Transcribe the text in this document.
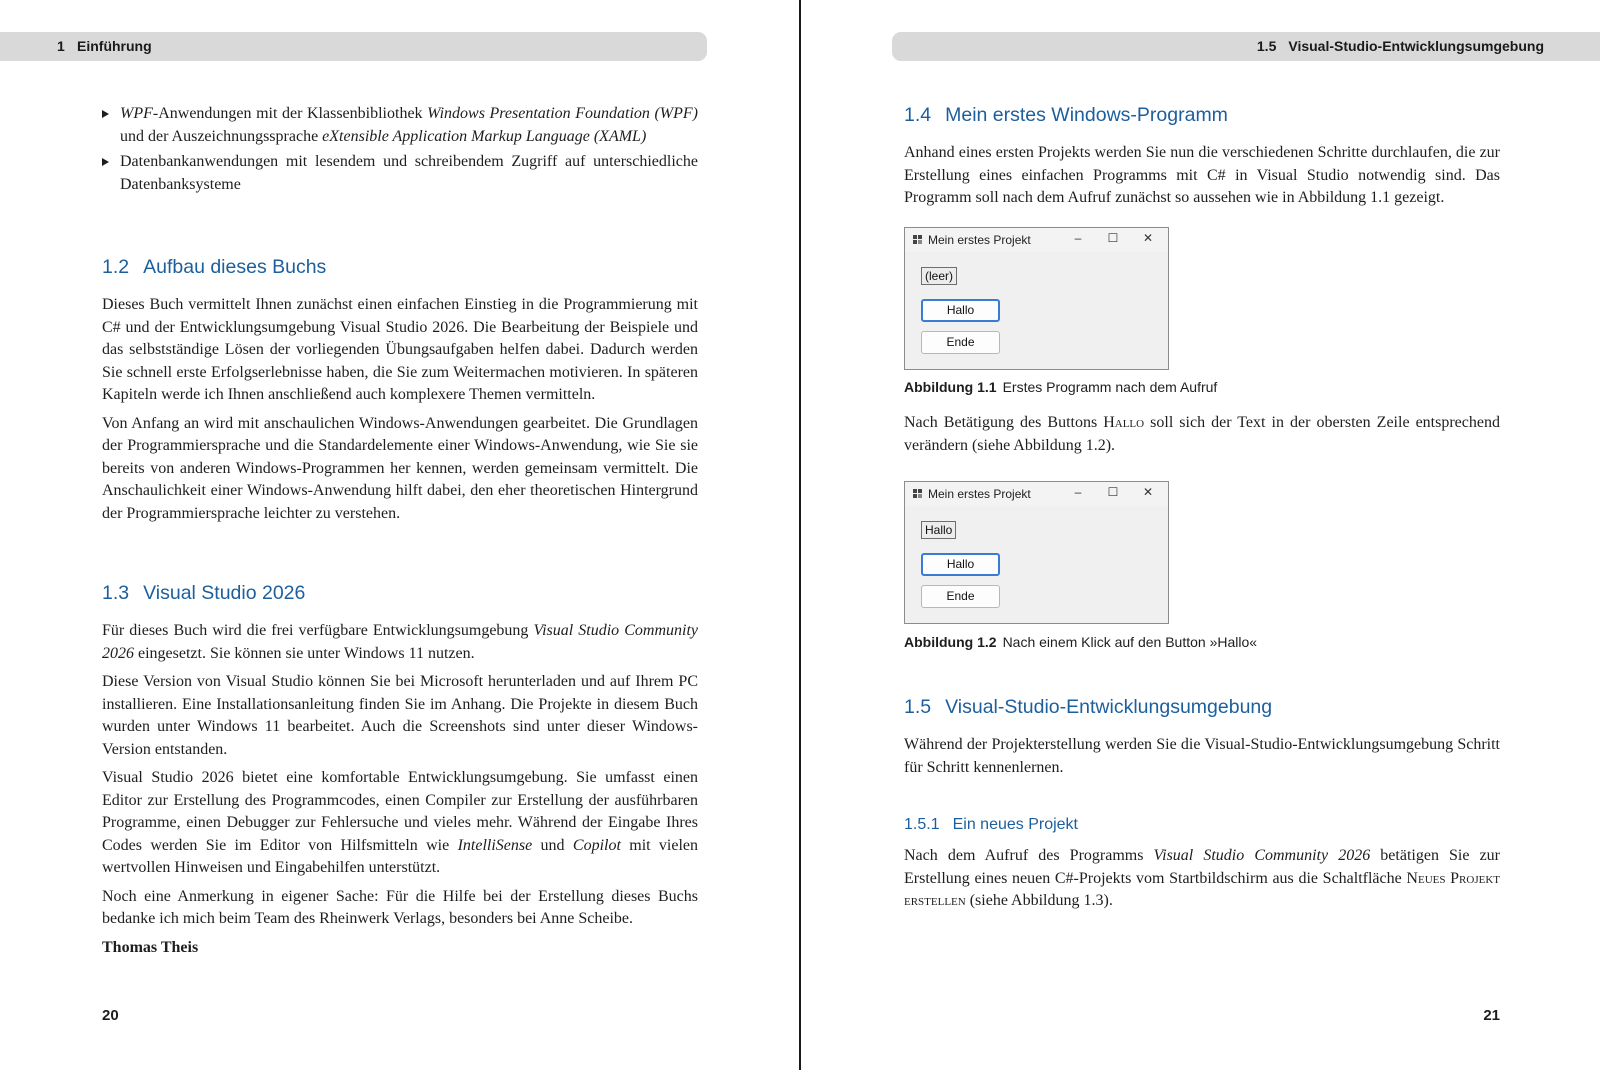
1 Einführung
WPF-Anwendungen mit der Klassenbibliothek Windows Presentation Foundation (WPF) und der Auszeichnungssprache eXtensible Application Markup Language (XAML)
Datenbankanwendungen mit lesendem und schreibendem Zugriff auf unterschiedliche Datenbanksysteme
1.2 Aufbau dieses Buchs

Dieses Buch vermittelt Ihnen zunächst einen einfachen Einstieg in die Programmierung mit C# und der Entwicklungsumgebung Visual Studio 2026. Die Bearbeitung der Beispiele und das selbstständige Lösen der vorliegenden Übungsaufgaben helfen dabei. Dadurch werden Sie schnell erste Erfolgserlebnisse haben, die Sie zum Weitermachen motivieren. In späteren Kapiteln werde ich Ihnen anschließend auch komplexere Themen vermitteln.

Von Anfang an wird mit anschaulichen Windows-Anwendungen gearbeitet. Die Grundlagen der Programmiersprache und die Standardelemente einer Windows-Anwendung, wie Sie sie bereits von anderen Windows-Programmen her kennen, werden gemeinsam vermittelt. Die Anschaulichkeit einer Windows-Anwendung hilft dabei, den eher theoretischen Hintergrund der Programmiersprache leichter zu verstehen.

1.3 Visual Studio 2026

Für dieses Buch wird die frei verfügbare Entwicklungsumgebung Visual Studio Community 2026 eingesetzt. Sie können sie unter Windows 11 nutzen.

Diese Version von Visual Studio können Sie bei Microsoft herunterladen und auf Ihrem PC installieren. Eine Installationsanleitung finden Sie im Anhang. Die Projekte in diesem Buch wurden unter Windows 11 bearbeitet. Auch die Screenshots sind unter dieser Windows-Version entstanden.

Visual Studio 2026 bietet eine komfortable Entwicklungsumgebung. Sie umfasst einen Editor zur Erstellung des Programmcodes, einen Compiler zur Erstellung der ausführbaren Programme, einen Debugger zur Fehlersuche und vieles mehr. Während der Eingabe Ihres Codes werden Sie im Editor von Hilfsmitteln wie IntelliSense und Copilot mit vielen wertvollen Hinweisen und Eingabehilfen unterstützt.

Noch eine Anmerkung in eigener Sache: Für die Hilfe bei der Erstellung dieses Buchs bedanke ich mich beim Team des Rheinwerk Verlags, besonders bei Anne Scheibe.

Thomas Theis

20
1.5 Visual-Studio-Entwicklungsumgebung
1.4 Mein erstes Windows-Programm

Anhand eines ersten Projekts werden Sie nun die verschiedenen Schritte durchlaufen, die zur Erstellung eines einfachen Programms mit C# in Visual Studio notwendig sind. Das Programm soll nach dem Aufruf zunächst so aussehen wie in Abbildung 1.1 gezeigt.

Mein erstes Projekt	–	☐	✕
(leer)
Hallo
Ende
Abbildung 1.1 Erstes Programm nach dem Aufruf

Nach Betätigung des Buttons Hallo soll sich der Text in der obersten Zeile entsprechend verändern (siehe Abbildung 1.2).

Mein erstes Projekt	–	☐	✕
Hallo
Hallo
Ende
Abbildung 1.2 Nach einem Klick auf den Button »Hallo«
1.5 Visual-Studio-Entwicklungsumgebung

Während der Projekterstellung werden Sie die Visual-Studio-Entwicklungsumgebung Schritt für Schritt kennenlernen.

1.5.1 Ein neues Projekt

Nach dem Aufruf des Programms Visual Studio Community 2026 betätigen Sie zur Erstellung eines neuen C#-Projekts vom Startbildschirm aus die Schaltfläche Neues Projekt erstellen (siehe Abbildung 1.3).

21
